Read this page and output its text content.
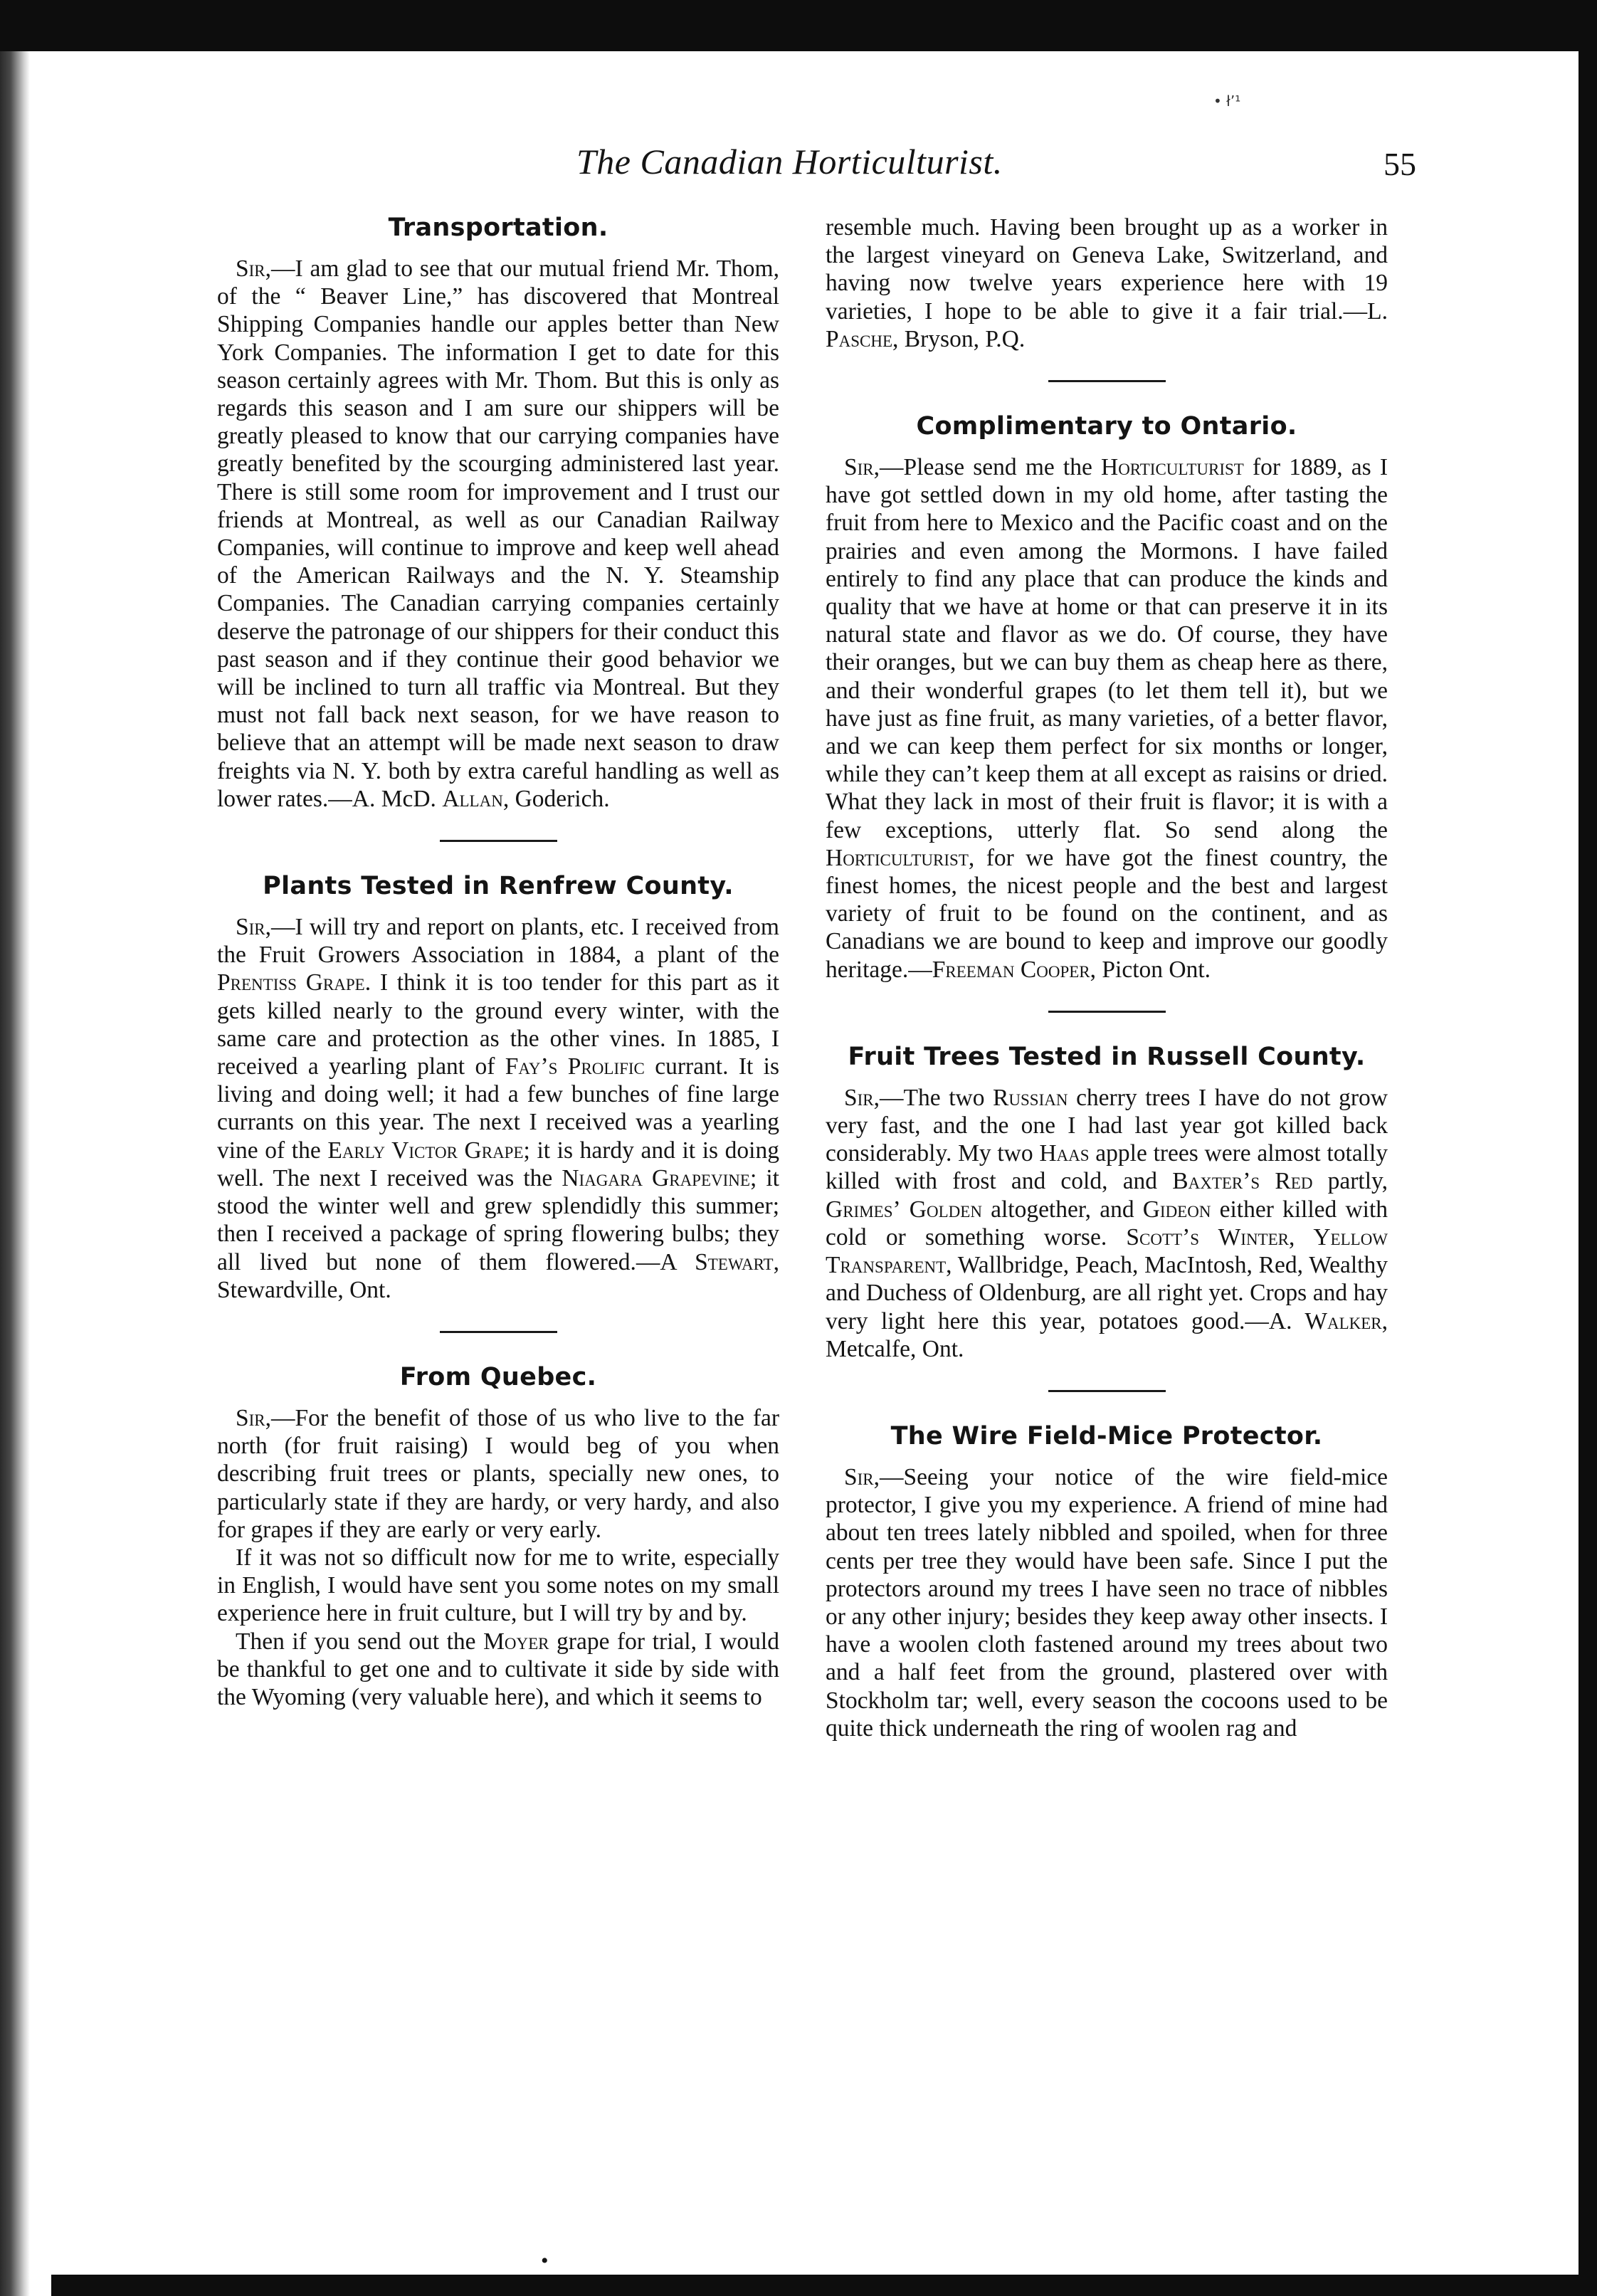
• ł’¹
The Canadian Horticulturist.	55
Transportation.

Sir,—I am glad to see that our mutual friend Mr. Thom, of the “ Beaver Line,” has discovered that Montreal Shipping Companies handle our apples better than New York Companies. The information I get to date for this season certainly agrees with Mr. Thom. But this is only as regards this season and I am sure our shippers will be greatly pleased to know that our carrying companies have greatly benefited by the scourging administered last year. There is still some room for improvement and I trust our friends at Montreal, as well as our Canadian Railway Companies, will continue to improve and keep well ahead of the American Railways and the N. Y. Steamship Companies. The Canadian carrying companies certainly deserve the patronage of our shippers for their conduct this past season and if they continue their good behavior we will be inclined to turn all traffic via Montreal. But they must not fall back next season, for we have reason to believe that an attempt will be made next season to draw freights via N. Y. both by extra careful handling as well as lower rates.—A. McD. Allan, Goderich.

Plants Tested in Renfrew County.

Sir,—I will try and report on plants, etc. I received from the Fruit Growers Association in 1884, a plant of the Prentiss Grape. I think it is too tender for this part as it gets killed nearly to the ground every winter, with the same care and protection as the other vines. In 1885, I received a yearling plant of Fay’s Prolific currant. It is living and doing well; it had a few bunches of fine large currants on this year. The next I received was a yearling vine of the Early Victor Grape; it is hardy and it is doing well. The next I received was the Niagara Grapevine; it stood the winter well and grew splendidly this summer; then I received a package of spring flowering bulbs; they all lived but none of them flowered.—A Stewart, Stewardville, Ont.

From Quebec.

Sir,—For the benefit of those of us who live to the far north (for fruit raising) I would beg of you when describing fruit trees or plants, specially new ones, to particularly state if they are hardy, or very hardy, and also for grapes if they are early or very early.

If it was not so difficult now for me to write, especially in English, I would have sent you some notes on my small experience here in fruit culture, but I will try by and by.

Then if you send out the Moyer grape for trial, I would be thankful to get one and to cultivate it side by side with the Wyoming (very valuable here), and which it seems to

resemble much. Having been brought up as a worker in the largest vineyard on Geneva Lake, Switzerland, and having now twelve years experience here with 19 varieties, I hope to be able to give it a fair trial.—L. Pasche, Bryson, P.Q.

Complimentary to Ontario.

Sir,—Please send me the Horticulturist for 1889, as I have got settled down in my old home, after tasting the fruit from here to Mexico and the Pacific coast and on the prairies and even among the Mormons. I have failed entirely to find any place that can produce the kinds and quality that we have at home or that can preserve it in its natural state and flavor as we do. Of course, they have their oranges, but we can buy them as cheap here as there, and their wonderful grapes (to let them tell it), but we have just as fine fruit, as many varieties, of a better flavor, and we can keep them perfect for six months or longer, while they can’t keep them at all except as raisins or dried. What they lack in most of their fruit is flavor; it is with a few exceptions, utterly flat. So send along the Horticulturist, for we have got the finest country, the finest homes, the nicest people and the best and largest variety of fruit to be found on the continent, and as Canadians we are bound to keep and improve our goodly heritage.—Freeman Cooper, Picton Ont.

Fruit Trees Tested in Russell County.

Sir,—The two Russian cherry trees I have do not grow very fast, and the one I had last year got killed back considerably. My two Haas apple trees were almost totally killed with frost and cold, and Baxter’s Red partly, Grimes’ Golden altogether, and Gideon either killed with cold or something worse. Scott’s Winter, Yellow Transparent, Wallbridge, Peach, MacIntosh, Red, Wealthy and Duchess of Oldenburg, are all right yet. Crops and hay very light here this year, potatoes good.—A. Walker, Metcalfe, Ont.

The Wire Field-Mice Protector.

Sir,—Seeing your notice of the wire field-mice protector, I give you my experience. A friend of mine had about ten trees lately nibbled and spoiled, when for three cents per tree they would have been safe. Since I put the protectors around my trees I have seen no trace of nibbles or any other injury; besides they keep away other insects. I have a woolen cloth fastened around my trees about two and a half feet from the ground, plastered over with Stockholm tar; well, every season the cocoons used to be quite thick underneath the ring of woolen rag and

•
